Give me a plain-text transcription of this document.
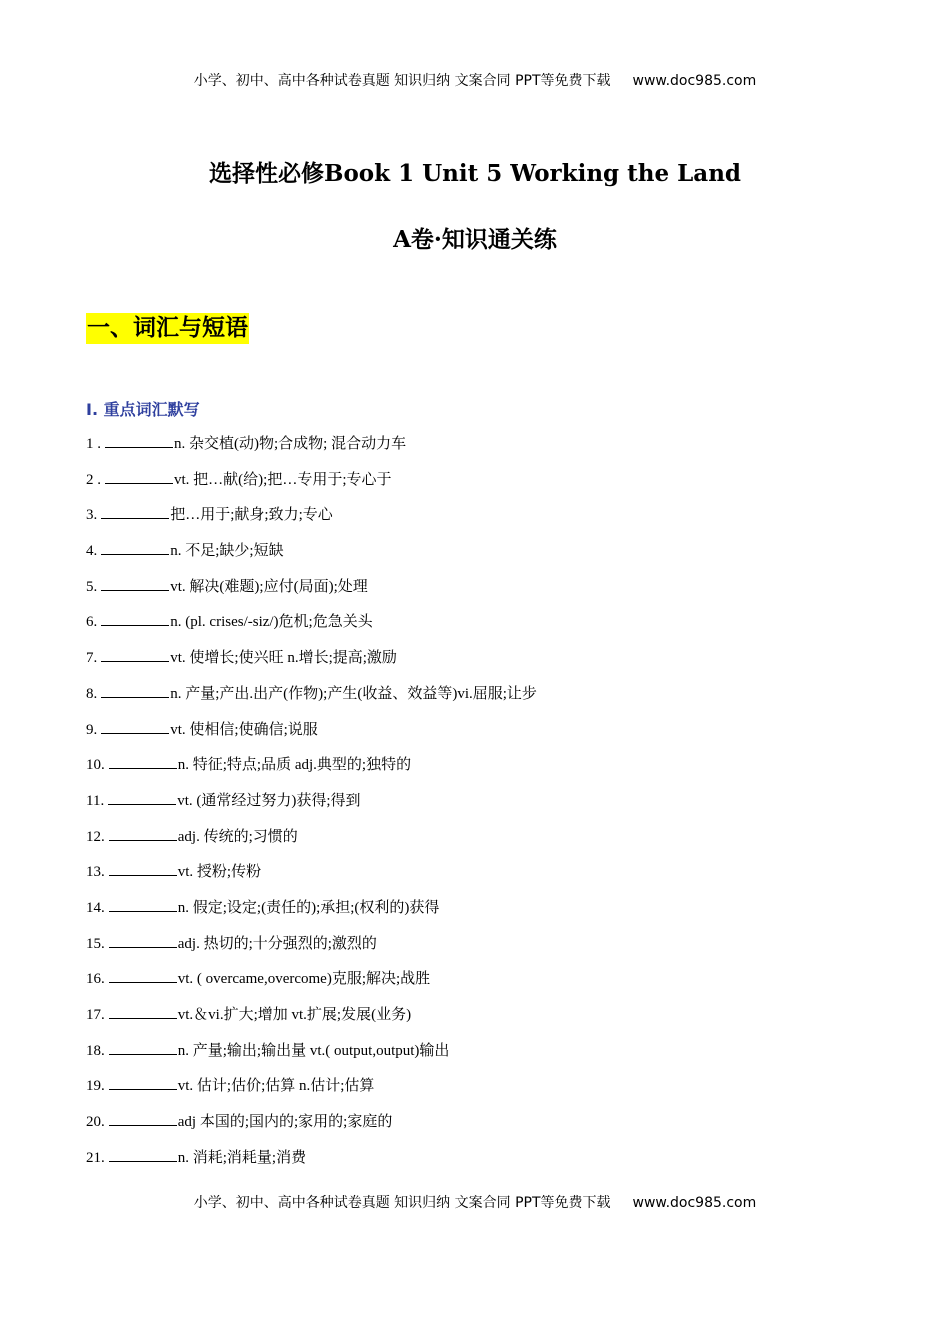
小学、初中、高中各种试卷真题 知识归纳 文案合同 PPT等免费下载 www.doc985.com
选择性必修Book 1 Unit 5 Working the Land
A卷·知识通关练
一、词汇与短语
I. 重点词汇默写
1 .	n. 杂交植(动)物;合成物; 混合动力车
2 .	vt. 把…献(给);把…专用于;专心于
3.	把…用于;献身;致力;专心
4.	n. 不足;缺少;短缺
5.	vt. 解决(难题);应付(局面);处理
6.	n. (pl. crises/-siz/)危机;危急关头
7.	vt. 使增长;使兴旺 n.增长;提高;激励
8.	n. 产量;产出.出产(作物);产生(收益、效益等)vi.屈服;让步
9.	vt. 使相信;使确信;说服
10.	n. 特征;特点;品质 adj.典型的;独特的
11.	vt. (通常经过努力)获得;得到
12.	adj. 传统的;习惯的
13.	vt. 授粉;传粉
14.	n. 假定;设定;(责任的);承担;(权利的)获得
15.	adj. 热切的;十分强烈的;激烈的
16.	vt. ( overcame,overcome)克服;解决;战胜
17.	vt.＆vi.扩大;增加 vt.扩展;发展(业务)
18.	n. 产量;输出;输出量 vt.( output,output)输出
19.	vt. 估计;估价;估算 n.估计;估算
20.	adj 本国的;国内的;家用的;家庭的
21.	n. 消耗;消耗量;消费
小学、初中、高中各种试卷真题 知识归纳 文案合同 PPT等免费下载 www.doc985.com
